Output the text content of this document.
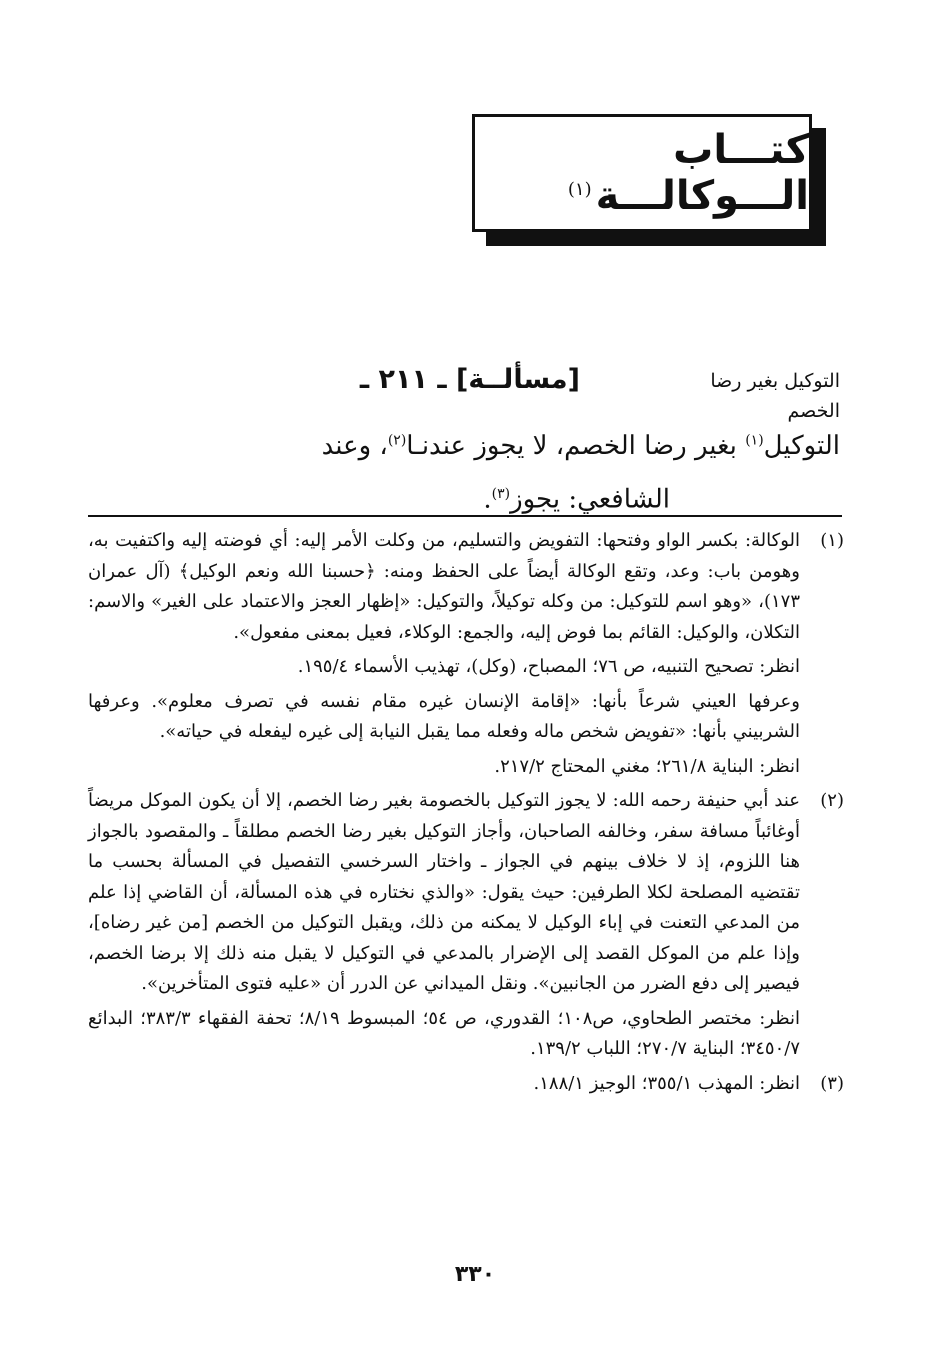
كتـــاب الـــوكالـــة$^{(١)}$
التوكيل بغير رضا الخصم
[مسألــة] ـ ٢١١ ـ
التوكيل$^{(١)}$ بغير رضا الخصم، لا يجوز عندنـا$^{(٢)}$، وعند
الشافعي: يجوز$^{(٣)}$.
(١)

الوكالة: بكسر الواو وفتحها: التفويض والتسليم، من وكلت الأمر إليه: أي فوضته إليه واكتفيت به، وهومن باب: وعد، وتقع الوكالة أيضاً على الحفظ ومنه: ﴿حسبنا الله ونعم الوكيل﴾ (آل عمران ١٧٣)، «وهو اسم للتوكيل: من وكله توكيلاً، والتوكيل: «إظهار العجز والاعتماد على الغير» والاسم: التكلان، والوكيل: القائم بما فوض إليه، والجمع: الوكلاء، فعيل بمعنى مفعول».

انظر: تصحيح التنبيه، ص ٧٦؛ المصباح، (وكل)، تهذيب الأسماء ١٩٥/٤.

وعرفها العيني شرعاً بأنها: «إقامة الإنسان غيره مقام نفسه في تصرف معلوم». وعرفها الشربيني بأنها: «تفويض شخص ماله وفعله مما يقبل النيابة إلى غيره ليفعله في حياته».

انظر: البناية ٢٦١/٨؛ مغني المحتاج ٢١٧/٢.

(٢)

عند أبي حنيفة رحمه الله: لا يجوز التوكيل بالخصومة بغير رضا الخصم، إلا أن يكون الموكل مريضاً أوغائباً مسافة سفر، وخالفه الصاحبان، وأجاز التوكيل بغير رضا الخصم مطلقاً ـ والمقصود بالجواز هنا اللزوم، إذ لا خلاف بينهم في الجواز ـ واختار السرخسي التفصيل في المسألة بحسب ما تقتضيه المصلحة لكلا الطرفين: حيث يقول: «والذي نختاره في هذه المسألة، أن القاضي إذا علم من المدعي التعنت في إباء الوكيل لا يمكنه من ذلك، ويقبل التوكيل من الخصم [من غير رضاه]، وإذا علم من الموكل القصد إلى الإضرار بالمدعي في التوكيل لا يقبل منه ذلك إلا برضا الخصم، فيصير إلى دفع الضرر من الجانبين». ونقل الميداني عن الدرر أن «عليه فتوى المتأخرين».

انظر: مختصر الطحاوي، ص١٠٨؛ القدوري، ص ٥٤؛ المبسوط ٨/١٩؛ تحفة الفقهاء ٣٨٣/٣؛ البدائع ٣٤٥٠/٧؛ البناية ٢٧٠/٧؛ اللباب ١٣٩/٢.

(٣)

انظر: المهذب ٣٥٥/١؛ الوجيز ١٨٨/١.

٣٣٠
